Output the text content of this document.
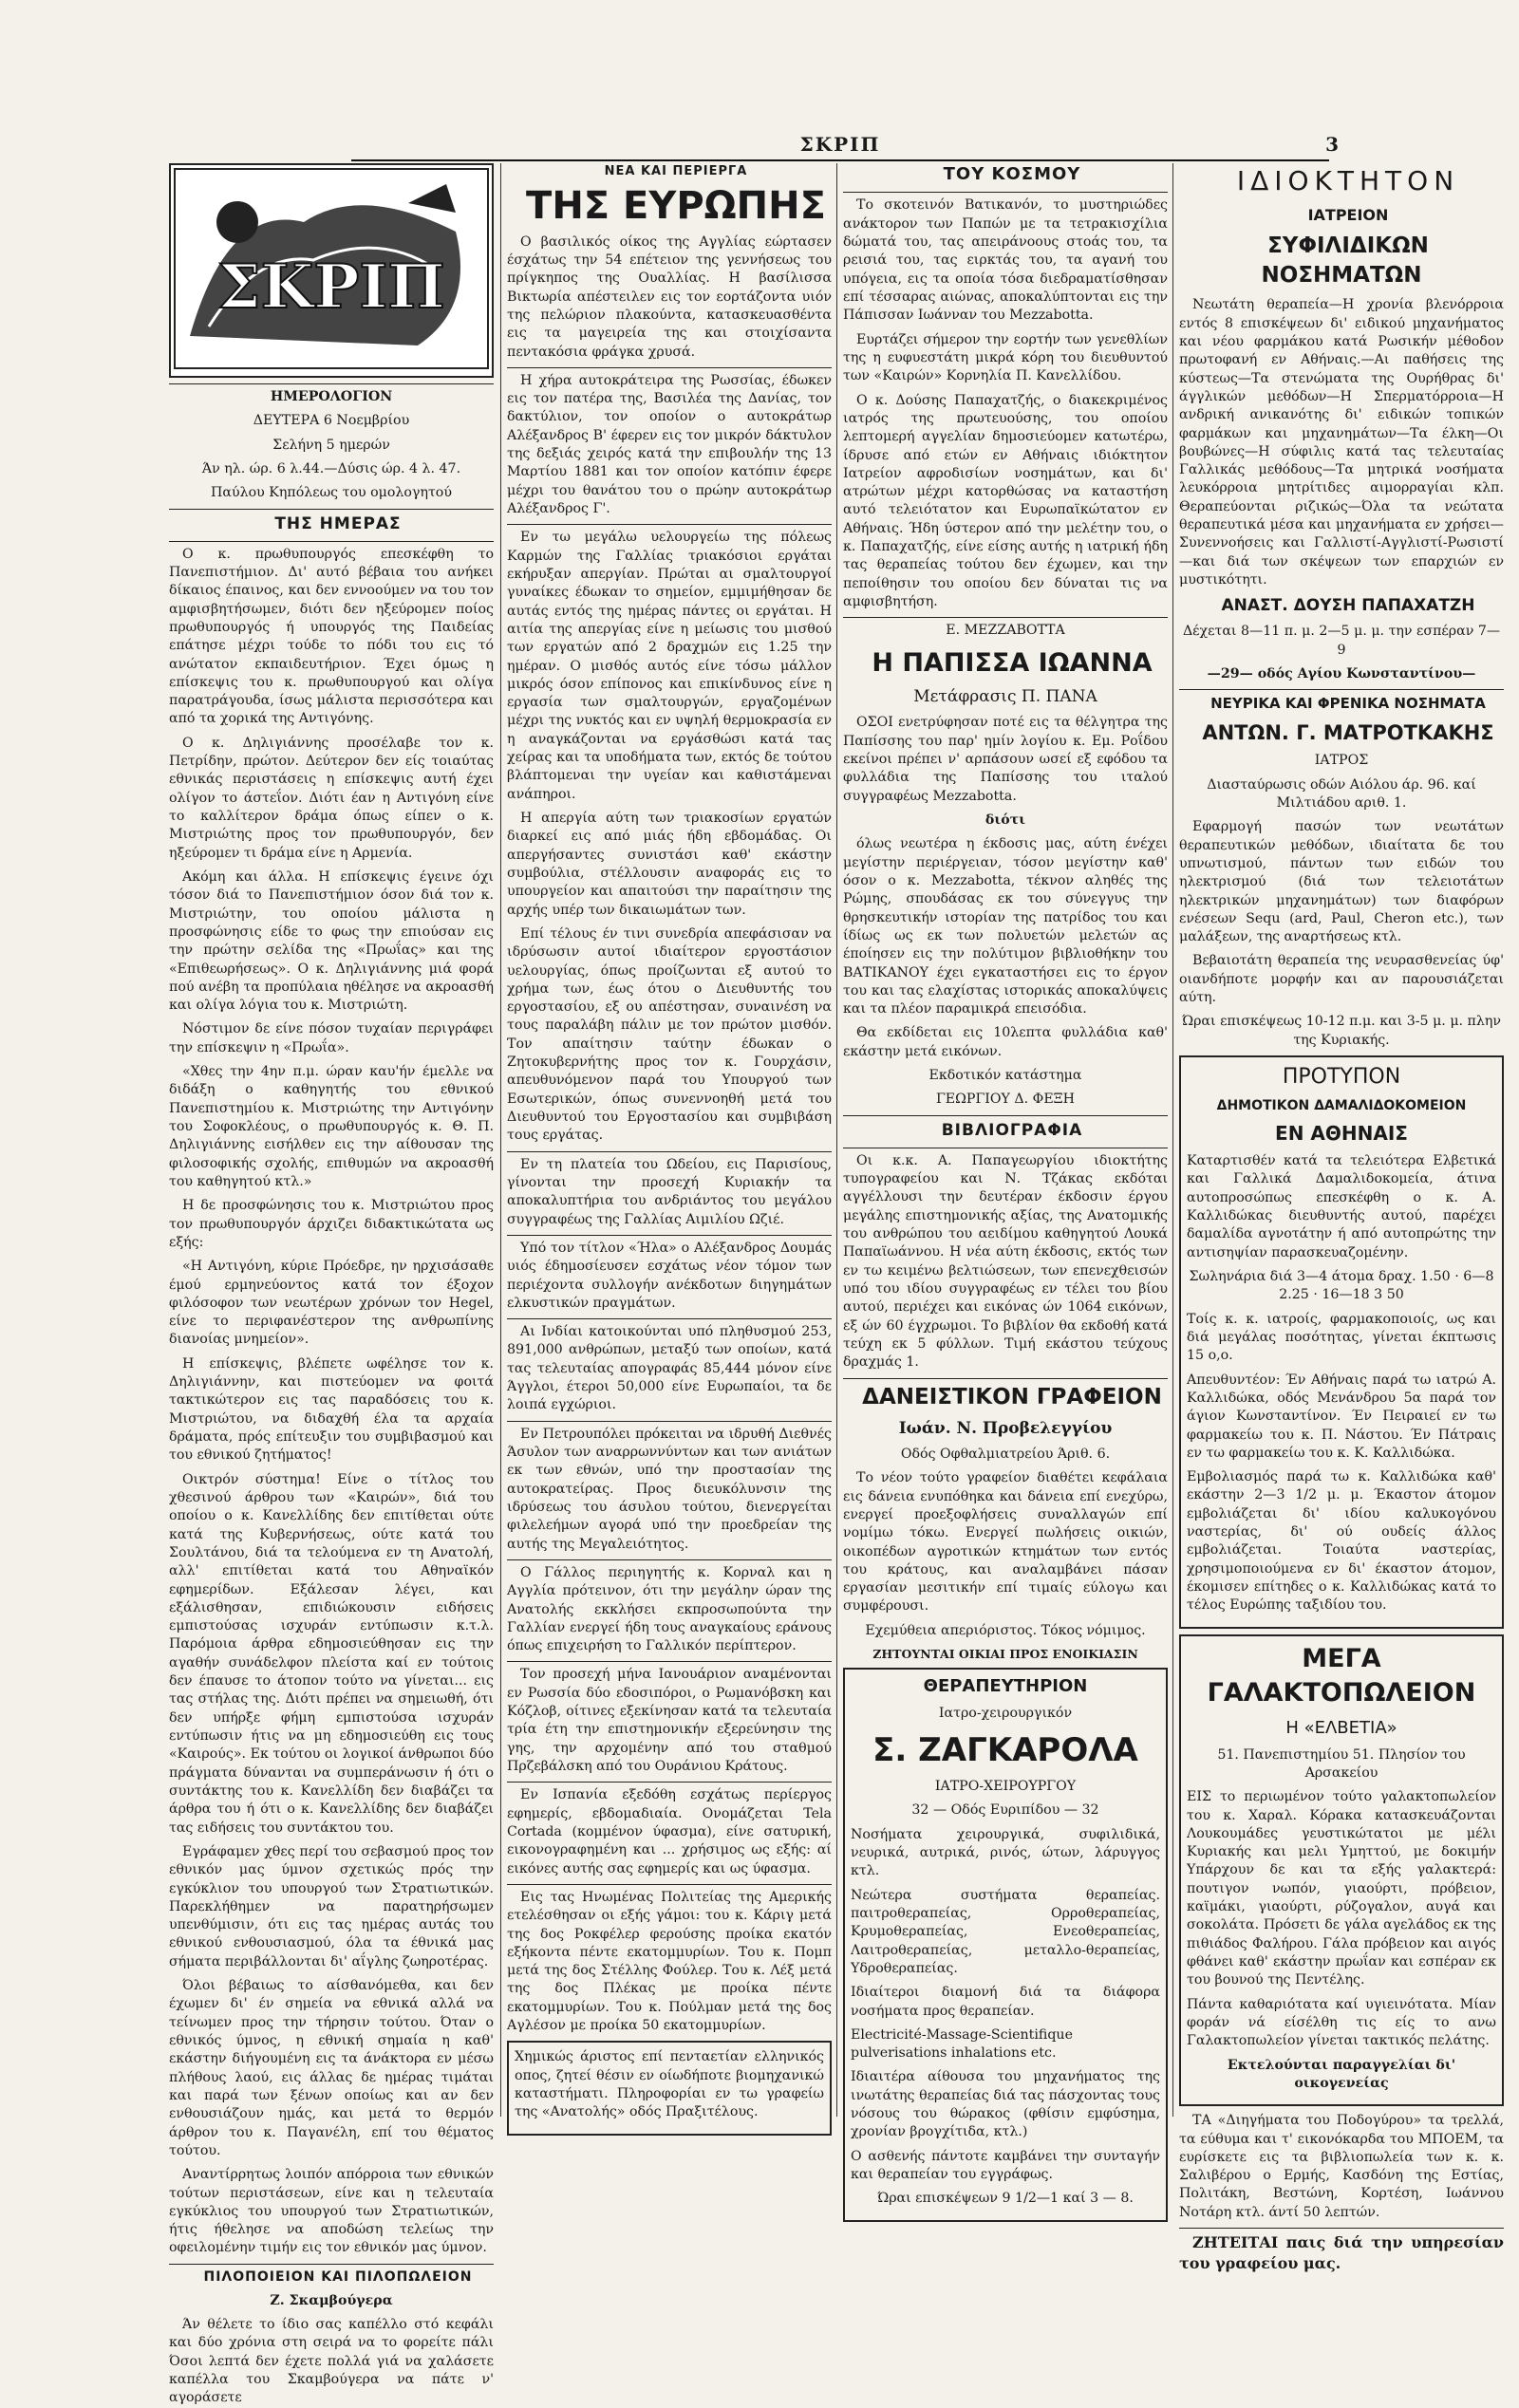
ΣΚΡΙΠ	3
ΣΚΡΙΠ

ΗΜΕΡΟΛΟΓΙΟΝ

ΔΕΥΤΕΡΑ 6 Νοεμβρίου

Σελήνη 5 ημερών

Άν ηλ. ώρ. 6 λ.44.—Δύσις ώρ. 4 λ. 47.

Παύλου Κηπόλεως του ομολογητού

ΤΗΣ ΗΜΕΡΑΣ

Ο κ. πρωθυπουργός επεσκέφθη το Πανεπιστήμιον. Δι' αυτό βέβαια του ανήκει δίκαιος έπαινος, και δεν εννοούμεν να του τον αμφισβητήσωμεν, διότι δεν ηξεύρομεν ποίος πρωθυπουργός ή υπουργός της Παιδείας επάτησε μέχρι τούδε το πόδι του εις τό ανώτατον εκπαιδευτήριον. Έχει όμως η επίσκεψις του κ. πρωθυπουργού και ολίγα παρατράγουδα, ίσως μάλιστα περισσότερα και από τα χορικά της Αντιγόνης.

Ο κ. Δηλιγιάννης προσέλαβε τον κ. Πετρίδην, πρώτον. Δεύτερον δεν είς τοιαύτας εθνικάς περιστάσεις η επίσκεψις αυτή έχει ολίγον το άστεΐον. Διότι έαν η Αντιγόνη είνε το καλλίτερον δράμα όπως είπεν ο κ. Μιστριώτης προς τον πρωθυπουργόν, δεν ηξεύρομεν τι δράμα είνε η Αρμενία.

Ακόμη και άλλα. Η επίσκεψις έγεινε όχι τόσον διά το Πανεπιστήμιον όσον διά τον κ. Μιστριώτην, του οποίου μάλιστα η προσφώνησις είδε το φως την επιούσαν εις την πρώτην σελίδα της «Πρωΐας» και της «Επιθεωρήσεως». Ο κ. Δηλιγιάννης μιά φορά πού ανέβη τα προπύλαια ηθέλησε να ακροασθή και ολίγα λόγια του κ. Μιστριώτη.

Νόστιμον δε είνε πόσον τυχαίαν περιγράφει την επίσκεψιν η «Πρωΐα».

«Χθες την 4ην π.μ. ώραν καυ'ήν έμελλε να διδάξη ο καθηγητής του εθνικού Πανεπιστημίου κ. Μιστριώτης την Αντιγόνην του Σοφοκλέους, ο πρωθυπουργός κ. Θ. Π. Δηλιγιάννης εισήλθεν εις την αίθουσαν της φιλοσοφικής σχολής, επιθυμών να ακροασθή του καθηγητού κτλ.»

Η δε προσφώνησις του κ. Μιστριώτου προς τον πρωθυπουργόν άρχιζει διδακτικώτατα ως εξής:

«Η Αντιγόνη, κύριε Πρόεδρε, ην ηρχισάσαθε έμού ερμηνεύοντος κατά τον έξοχον φιλόσοφον των νεωτέρων χρόνων τον Hegel, είνε το περιφανέστερον της ανθρωπίνης διανοίας μνημείον».

Η επίσκεψις, βλέπετε ωφέλησε τον κ. Δηλιγιάννην, και πιστεύομεν να φοιτά τακτικώτερον εις τας παραδόσεις του κ. Μιστριώτου, να διδαχθή έλα τα αρχαία δράματα, πρός επίτευξιν του συμβιβασμού και του εθνικού ζητήματος!

Οικτρόν σύστημα! Είνε ο τίτλος του χθεσινού άρθρου των «Καιρών», διά του οποίου ο κ. Κανελλίδης δεν επιτίθεται ούτε κατά της Κυβερνήσεως, ούτε κατά του Σουλτάνου, διά τα τελούμενα εν τη Ανατολή, αλλ' επιτίθεται κατά του Αθηναϊκόν εφημερίδων. Εξάλεσαν λέγει, και εξάλισθησαν, επιδιώκουσιν ειδήσεις εμπιστούσας ισχυράν εντύπωσιν κ.τ.λ. Παρόμοια άρθρα εδημοσιεύθησαν εις την αγαθήν συνάδελφον πλείστα καί εν τούτοις δεν έπαυσε το άτοπον τούτο να γίνεται... εις τας στήλας της. Διότι πρέπει να σημειωθή, ότι δεν υπήρξε φήμη εμπιστούσα ισχυράν εντύπωσιν ήτις να μη εδημοσιεύθη εις τους «Καιρούς». Εκ τούτου οι λογικοί άνθρωποι δύο πράγματα δύνανται να συμπεράνωσιν ή ότι ο συντάκτης του κ. Κανελλίδη δεν διαβάζει τα άρθρα του ή ότι ο κ. Κανελλίδης δεν διαβάζει τας ειδήσεις του συντάκτου του.

Εγράφαμεν χθες περί του σεβασμού προς τον εθνικόν μας ύμνον σχετικώς πρός την εγκύκλιον του υπουργού των Στρατιωτικών. Παρεκλήθημεν να παρατηρήσωμεν υπενθύμισιν, ότι εις τας ημέρας αυτάς του εθνικού ενθουσιασμού, όλα τα έθνικά μας σήματα περιβάλλονται δι' αΐγλης ζωηροτέρας.

Όλοι βέβαιως το αίσθανόμεθα, και δεν έχωμεν δι' έν σημεία να εθνικά αλλά να τείνωμεν προς την τήρησιν τούτου. Όταν ο εθνικός ύμνος, η εθνική σημαία η καθ' εκάστην διήγουμένη εις τα άνάκτορα εν μέσω πλήθους λαού, εις άλλας δε ημέρας τιμάται και παρά των ξένων οποίως και αν δεν ενθουσιάζουν ημάς, και μετά το θερμόν άρθρον του κ. Παγανέλη, επί του θέματος τούτου.

Αναντίρρητως λοιπόν απόρροια των εθνικών τούτων περιστάσεων, είνε και η τελευταία εγκύκλιος του υπουργού των Στρατιωτικών, ήτις ήθελησε να αποδώση τελείως την οφειλομένην τιμήν εις τον εθνικόν μας ύμνον.

ΠΙΛΟΠΟΙΕΙΟΝ ΚΑΙ ΠΙΛΟΠΩΛΕΙΟΝ

Ζ. Σκαμβούγερα

Άν θέλετε το ίδιο σας καπέλλο στό κεφάλι και δύο χρόνια στη σειρά να το φορείτε πάλι Όσοι λεπτά δεν έχετε πολλά γιά να χαλάσετε καπέλλα του Σκαμβούγερα να πάτε ν' αγοράσετε

ΝΕΑ ΚΑΙ ΠΕΡΙΕΡΓΑ

ΤΗΣ ΕΥΡΩΠΗΣ

Ο βασιλικός οίκος της Αγγλίας εώρτασεν έσχάτως την 54 επέτειον της γεννήσεως του πρίγκηπος της Ουαλλίας. Η βασίλισσα Βικτωρία απέστειλεν εις τον εορτάζοντα υιόν της πελώριον πλακούντα, κατασκευασθέντα εις τα μαγειρεία της και στοιχίσαντα πεντακόσια φράγκα χρυσά.

Η χήρα αυτοκράτειρα της Ρωσσίας, έδωκεν εις τον πατέρα της, Βασιλέα της Δανίας, τον δακτύλιον, τον οποίον ο αυτοκράτωρ Αλέξανδρος Β' έφερεν εις τον μικρόν δάκτυλον της δεξιάς χειρός κατά την επιβουλήν της 13 Μαρτίου 1881 και τον οποίον κατόπιν έφερε μέχρι του θανάτου του ο πρώην αυτοκράτωρ Αλέξανδρος Γ'.

Εν τω μεγάλω υελουργείω της πόλεως Καρμών της Γαλλίας τριακόσιοι εργάται εκήρυξαν απεργίαν. Πρώται αι σμαλτουργοί γυναίκες έδωκαν το σημείον, εμμιμήθησαν δε αυτάς εντός της ημέρας πάντες οι εργάται. Η αιτία της απεργίας είνε η μείωσις του μισθού των εργατών από 2 δραχμών εις 1.25 την ημέραν. Ο μισθός αυτός είνε τόσω μάλλον μικρός όσον επίπονος και επικίνδυνος είνε η εργασία των σμαλτουργών, εργαζομένων μέχρι της νυκτός και εν υψηλή θερμοκρασία εν η αναγκάζονται να εργάσθώσι κατά τας χείρας και τα υποδήματα των, εκτός δε τούτου βλάπτομεναι την υγείαν και καθιστάμεναι ανάπηροι.

Η απεργία αύτη των τριακοσίων εργατών διαρκεί εις από μιάς ήδη εβδομάδας. Οι απεργήσαντες συνιστάσι καθ' εκάστην συμβούλια, στέλλουσιν αναφοράς εις το υπουργείον και απαιτούσι την παραίτησιν της αρχής υπέρ των δικαιωμάτων των.

Επί τέλους έν τινι συνεδρία απεφάσισαν να ιδρύσωσιν αυτοί ιδιαίτερον εργοστάσιον υελουργίας, όπως προίζωνται εξ αυτού το χρήμα των, έως ότου ο Διευθυντής του εργοστασίου, εξ ου απέστησαν, συναινέση να τους παραλάβη πάλιν με τον πρώτον μισθόν. Τον απαίτησιν ταύτην έδωκαν ο Ζητοκυβερνήτης προς τον κ. Γουρχάσιν, απευθυνόμενον παρά του Υπουργού των Εσωτερικών, όπως συνεννοηθή μετά του Διευθυντού του Εργοστασίου και συμβιβάση τους εργάτας.

Εν τη πλατεία του Ωδείου, εις Παρισίους, γίνονται την προσεχή Κυριακήν τα αποκαλυπτήρια του ανδριάντος του μεγάλου συγγραφέως της Γαλλίας Αιμιλίου Ωζιέ.

Υπό τον τίτλον «Ήλα» ο Αλέξανδρος Δουμάς υιός έδημοσίευσεν εσχάτως νέον τόμον των περιέχοντα συλλογήν ανέκδοτων διηγημάτων ελκυστικών πραγμάτων.

Αι Ινδίαι κατοικούνται υπό πληθυσμού 253, 891,000 ανθρώπων, μεταξύ των οποίων, κατά τας τελευταίας απογραφάς 85,444 μόνον είνε Άγγλοι, έτεροι 50,000 είνε Ευρωπαίοι, τα δε λοιπά εγχώριοι.

Εν Πετρουπόλει πρόκειται να ιδρυθή Διεθνές Άσυλον των αναρρωννύντων και των ανιάτων εκ των εθνών, υπό την προστασίαν της αυτοκρατείρας. Προς διευκόλυνσιν της ιδρύσεως του άσυλου τούτου, διενεργείται φιλελεήμων αγορά υπό την προεδρείαν της αυτής της Μεγαλειότητος.

Ο Γάλλος περιηγητής κ. Κορναλ και η Αγγλία πρότεινον, ότι την μεγάλην ώραν της Ανατολής εκκλήσει εκπροσωπούντα την Γαλλίαν ενεργεί ήδη τους αναγκαίους εράνους όπως επιχειρήση το Γαλλικόν περίπτερον.

Τον προσεχή μήνα Ιανουάριον αναμένονται εν Ρωσσία δύο εδοσιπόροι, ο Ρωμανόβσκη και Κόζλοβ, οίτινες εξεκίνησαν κατά τα τελευταία τρία έτη την επιστημονικήν εξερεύνησιν της γης, την αρχομένην από του σταθμού Πρζεβάλσκη από του Ουράνιου Κράτους.

Εν Ισπανία εξεδόθη εσχάτως περίεργος εφημερίς, εβδομαδιαία. Ονομάζεται Tela Cortada (κομμένον ύφασμα), είνε σατυρική, εικονογραφημένη και ... χρήσιμος ως εξής: αί εικόνες αυτής σας εφημερίς και ως ύφασμα.

Εις τας Ηνωμένας Πολιτείας της Αμερικής ετελέσθησαν οι εξής γάμοι: του κ. Κάριγ μετά της δος Ροκφέλερ φερούσης προίκα εκατόν εξήκοντα πέντε εκατομμυρίων. Του κ. Πομπ μετά της δος Στέλλης Φούλερ. Του κ. Λέξ μετά της δος Πλέκας με προίκα πέντε εκατομμυρίων. Του κ. Πούλμαν μετά της δος Αγλέσον με προίκα 50 εκατομμυρίων.

Χημικώς άριστος επί πενταετίαν ελληνικός οπος, ζητεί θέσιν εν οίωδήποτε βιομηχανικώ καταστήματι. Πληροφορίαι εν τω γραφείω της «Ανατολής» οδός Πραξιτέλους.

ΤΟΥ ΚΟΣΜΟΥ

Το σκοτεινόν Βατικανόν, το μυστηριώδες ανάκτορον των Παπών με τα τετρακισχίλια δώματά του, τας απειράνοους στοάς του, τα ρεισιά του, τας ειρκτάς του, τα αγανή του υπόγεια, εις τα οποία τόσα διεδραματίσθησαν επί τέσσαρας αιώνας, αποκαλύπτονται εις την Πάπισσαν Ιωάνναν του Mezzabotta.

Ευρτάζει σήμερον την εορτήν των γενεθλίων της η ευφυεστάτη μικρά κόρη του διευθυντού των «Καιρών» Κορνηλία Π. Κανελλίδου.

Ο κ. Δούσης Παπαχατζής, ο διακεκριμένος ιατρός της πρωτευούσης, του οποίου λεπτομερή αγγελίαν δημοσιεύομεν κατωτέρω, ίδρυσε από ετών εν Αθήναις ιδιόκτητον Ιατρείον αφροδισίων νοσημάτων, και δι' ατρώτων μέχρι κατορθώσας να καταστήση αυτό τελειότατον και Ευρωπαϊκώτατον εν Αθήναις. Ήδη ύστερον από την μελέτην του, ο κ. Παπαχατζής, είνε είσης αυτής η ιατρική ήδη τας θεραπείας τούτου δεν έχωμεν, και την πεποίθησιν του οποίου δεν δύναται τις να αμφισβητήση.

Ε. ΜΕΖΖΑΒΟΤΤΑ

Η ΠΑΠΙΣΣΑ ΙΩΑΝΝΑ

Μετάφρασις Π. ΠΑΝΑ

ΟΣΟΙ ενετρύφησαν ποτέ εις τα θέλγητρα της Παπίσσης του παρ' ημίν λογίου κ. Εμ. Ροΐδου εκείνοι πρέπει ν' αρπάσουν ωσεί εξ εφόδου τα φυλλάδια της Παπίσσης του ιταλού συγγραφέως Mezzabotta.

διότι

όλως νεωτέρα η έκδοσις μας, αύτη ένέχει μεγίστην περιέργειαν, τόσον μεγίστην καθ' όσον ο κ. Mezzabotta, τέκνον αληθές της Ρώμης, σπουδάσας εκ του σύνεγγυς την θρησκευτικήν ιστορίαν της πατρίδος του και ίδίως ως εκ των πολυετών μελετών ας έποίησεν εις την πολύτιμον βιβλιοθήκην του ΒΑΤΙΚΑΝΟΥ έχει εγκαταστήσει εις το έργον του και τας ελαχίστας ιστορικάς αποκαλύψεις και τα πλέον παραμικρά επεισόδια.

Θα εκδίδεται εις 10λεπτα φυλλάδια καθ' εκάστην μετά εικόνων.

Εκδοτικόν κατάστημα

ΓΕΩΡΓΙΟΥ Δ. ΦΕΞΗ

ΒΙΒΛΙΟΓΡΑΦΙΑ

Οι κ.κ. Α. Παπαγεωργίου ιδιοκτήτης τυπογραφείου και Ν. Τζάκας εκδόται αγγέλλουσι την δευτέραν έκδοσιν έργου μεγάλης επιστημονικής αξίας, της Ανατομικής του ανθρώπου του αειδίμου καθηγητού Λουκά Παπαϊωάννου. Η νέα αύτη έκδοσις, εκτός των εν τω κειμένω βελτιώσεων, των επενεχθεισών υπό του ιδίου συγγραφέως εν τέλει του βίου αυτού, περιέχει και εικόνας ών 1064 εικόνων, εξ ών 60 έγχρωμοι. Το βιβλίον θα εκδοθή κατά τεύχη εκ 5 φύλλων. Τιμή εκάστου τεύχους δραχμάς 1.

ΔΑΝΕΙΣΤΙΚΟΝ ΓΡΑΦΕΙΟΝ

Ιωάν. Ν. Προβελεγγίου

Οδός Οφθαλμιατρείου Άριθ. 6.

Το νέον τούτο γραφείον διαθέτει κεφάλαια εις δάνεια ενυπόθηκα και δάνεια επί ενεχύρω, ενεργεί προεξοφλήσεις συναλλαγών επί νομίμω τόκω. Ενεργεί πωλήσεις οικιών, οικοπέδων αγροτικών κτημάτων των εντός του κράτους, και αναλαμβάνει πάσαν εργασίαν μεσιτικήν επί τιμαίς εύλογω και συμφέρουσι.

Εχεμύθεια απεριόριστος. Τόκος νόμιμος.

ΖΗΤΟΥΝΤΑΙ ΟΙΚΙΑΙ ΠΡΟΣ ΕΝΟΙΚΙΑΣΙΝ

ΘΕΡΑΠΕΥΤΗΡΙΟΝ

Ιατρο-χειρουργικόν

Σ. ΖΑΓΚΑΡΟΛΑ

ΙΑΤΡΟ-ΧΕΙΡΟΥΡΓΟΥ

32 — Οδός Ευριπίδου — 32

Νοσήματα χειρουργικά, συφιλιδικά, νευρικά, αυτρικά, ρινός, ώτων, λάρυγγος κτλ.

Νεώτερα συστήματα θεραπείας. παιτροθεραπείας, Ορροθεραπείας, Κρυμοθεραπείας, Ενεοθεραπείας, Λαιτροθεραπείας, μεταλλο-θεραπείας, Υδροθεραπείας.

Ιδιαίτεροι διαμονή διά τα διάφορα νοσήματα προς θεραπείαν.

Electricité-Massage-Scientifique pulverisations inhalations etc.

Ιδιαιτέρα αίθουσα του μηχανήματος της ινωτάτης θεραπείας διά τας πάσχοντας τους νόσους του θώρακος (φθίσιν εμφύσημα, χρονίαν βρογχίτιδα, κτλ.)

Ο ασθενής πάντοτε καμβάνει την συνταγήν και θεραπείαν του εγγράφως.

Ώραι επισκέψεων 9 1/2—1 καί 3 — 8.

ΙΔΙΟΚΤΗΤΟΝ

ΙΑΤΡΕΙΟΝ

ΣΥΦΙΛΙΔΙΚΩΝ ΝΟΣΗΜΑΤΩΝ

Νεωτάτη θεραπεία—Η χρονία βλενόρροια εντός 8 επισκέψεων δι' ειδικού μηχανήματος και νέου φαρμάκου κατά Ρωσικήν μέθοδον πρωτοφανή εν Αθήναις.—Αι παθήσεις της κύστεως—Τα στενώματα της Ουρήθρας δι' άγγλικών μεθόδων—Η Σπερματόρροια—Η ανδρική ανικανότης δι' ειδικών τοπικών φαρμάκων και μηχανημάτων—Τα έλκη—Οι βουβώνες—Η σύφιλις κατά τας τελευταίας Γαλλικάς μεθόδους—Τα μητρικά νοσήματα λευκόρροια μητρίτιδες αιμορραγίαι κλπ. Θεραπεύονται ριζικώς—Όλα τα νεώτατα θεραπευτικά μέσα και μηχανήματα εν χρήσει—Συνεννοήσεις και Γαλλιστί-Αγγλιστί-Ρωσιστί—και διά των σκέψεων των επαρχιών εν μυστικότητι.

ΑΝΑΣΤ. ΔΟΥΣΗ ΠΑΠΑΧΑΤΖΗ

Δέχεται 8—11 π. μ. 2—5 μ. μ. την εσπέραν 7—9

—29— οδός Αγίου Κωνσταντίνου—

ΝΕΥΡΙΚΑ ΚΑΙ ΦΡΕΝΙΚΑ ΝΟΣΗΜΑΤΑ

ΑΝΤΩΝ. Γ. ΜΑΤΡΟΤΚΑΚΗΣ

ΙΑΤΡΟΣ

Διασταύρωσις οδών Αιόλου άρ. 96. καί Μιλτιάδου αριθ. 1.

Εφαρμογή πασών των νεωτάτων θεραπευτικών μεθόδων, ιδιαίτατα δε του υπνωτισμού, πάντων των ειδών του ηλεκτρισμού (διά των τελειοτάτων ηλεκτρικών μηχανημάτων) των διαφόρων ενέσεων Sequ (ard, Paul, Cheron etc.), των μαλάξεων, της αναρτήσεως κτλ.

Βεβαιοτάτη θεραπεία της νευρασθενείας ύφ' οιανδήποτε μορφήν και αν παρουσιάζεται αύτη.

Ώραι επισκέψεως 10-12 π.μ. και 3-5 μ. μ. πλην της Κυριακής.

ΠΡΟΤΥΠΟΝ

ΔΗΜΟΤΙΚΟΝ ΔΑΜΑΛΙΔΟΚΟΜΕΙΟΝ

ΕΝ ΑΘΗΝΑΙΣ

Καταρτισθέν κατά τα τελειότερα Ελβετικά και Γαλλικά Δαμαλιδοκομεία, άτινα αυτοπροσώπως επεσκέφθη ο κ. Α. Καλλιδώκας διευθυντής αυτού, παρέχει δαμαλίδα αγνοτάτην ή από αυτοπρώτης την αντισηψίαν παρασκευαζομένην.

Σωληνάρια διά 3—4 άτομα δραχ. 1.50 · 6—8 2.25 · 16—18 3 50

Τοίς κ. κ. ιατροίς, φαρμακοποιοίς, ως και διά μεγάλας ποσότητας, γίνεται έκπτωσις 15 ο,ο.

Απευθυντέον: Έν Αθήναις παρά τω ιατρώ Α. Καλλιδώκα, οδός Μενάνδρου 5α παρά τον άγιον Κωνσταντίνον. Έν Πειραιεί εν τω φαρμακείω του κ. Π. Νάστου. Έν Πάτραις εν τω φαρμακείω του κ. Κ. Καλλιδώκα.

Εμβολιασμός παρά τω κ. Καλλιδώκα καθ' εκάστην 2—3 1/2 μ. μ. Έκαστον άτομον εμβολιάζεται δι' ιδίου καλυκογόνου ναστερίας, δι' ού ουδείς άλλος εμβολιάζεται. Τοιαύτα ναστερίας, χρησιμοποιούμενα εν δι' έκαστον άτομον, έκομισεν επίτηδες ο κ. Καλλιδώκας κατά το τέλος Ευρώπης ταξιδίου του.

ΜΕΓΑ ΓΑΛΑΚΤΟΠΩΛΕΙΟΝ

Η «ΕΛΒΕΤΙΑ»

51. Πανεπιστημίου 51. Πλησίον του Αρσακείου

ΕΙΣ το περιωμένον τούτο γαλακτοπωλείον του κ. Χαραλ. Κόρακα κατασκευάζονται Λουκουμάδες γευστικώτατοι με μέλι Κυριακής και μελι Υμηττού, με δοκιμήν Υπάρχουν δε και τα εξής γαλακτερά: πουτιγον νωπόν, γιαούρτι, πρόβειον, καϊμάκι, γιαούρτι, ρύζογαλον, αυγά και σοκολάτα. Πρόσετι δε γάλα αγελάδος εκ της πιθιάδος Φαλήρου. Γάλα πρόβειον και αιγός φθάνει καθ' εκάστην πρωΐαν και εσπέραν εκ του βουνού της Πεντέλης.

Πάντα καθαριότατα καί υγιεινότατα. Μίαν φοράν νά είσέλθη τις είς το ανω Γαλακτοπωλείον γίνεται τακτικός πελάτης.

Εκτελούνται παραγγελίαι δι' οικογενείας

ΤΑ «Διηγήματα του Ποδογύρου» τα τρελλά, τα εύθυμα και τ' εικονόκαρδα του ΜΠΟΕΜ, τα ευρίσκετε εις τα βιβλιοπωλεία των κ. κ. Σαλιβέρου ο Ερμής, Κασδόνη της Εστίας, Πολιτάκη, Βεστώνη, Κορτέση, Ιωάννου Νοτάρη κτλ. άντί 50 λεπτών.

ΖΗΤΕΙΤΑΙ παις διά την υπηρεσίαν του γραφείου μας.
